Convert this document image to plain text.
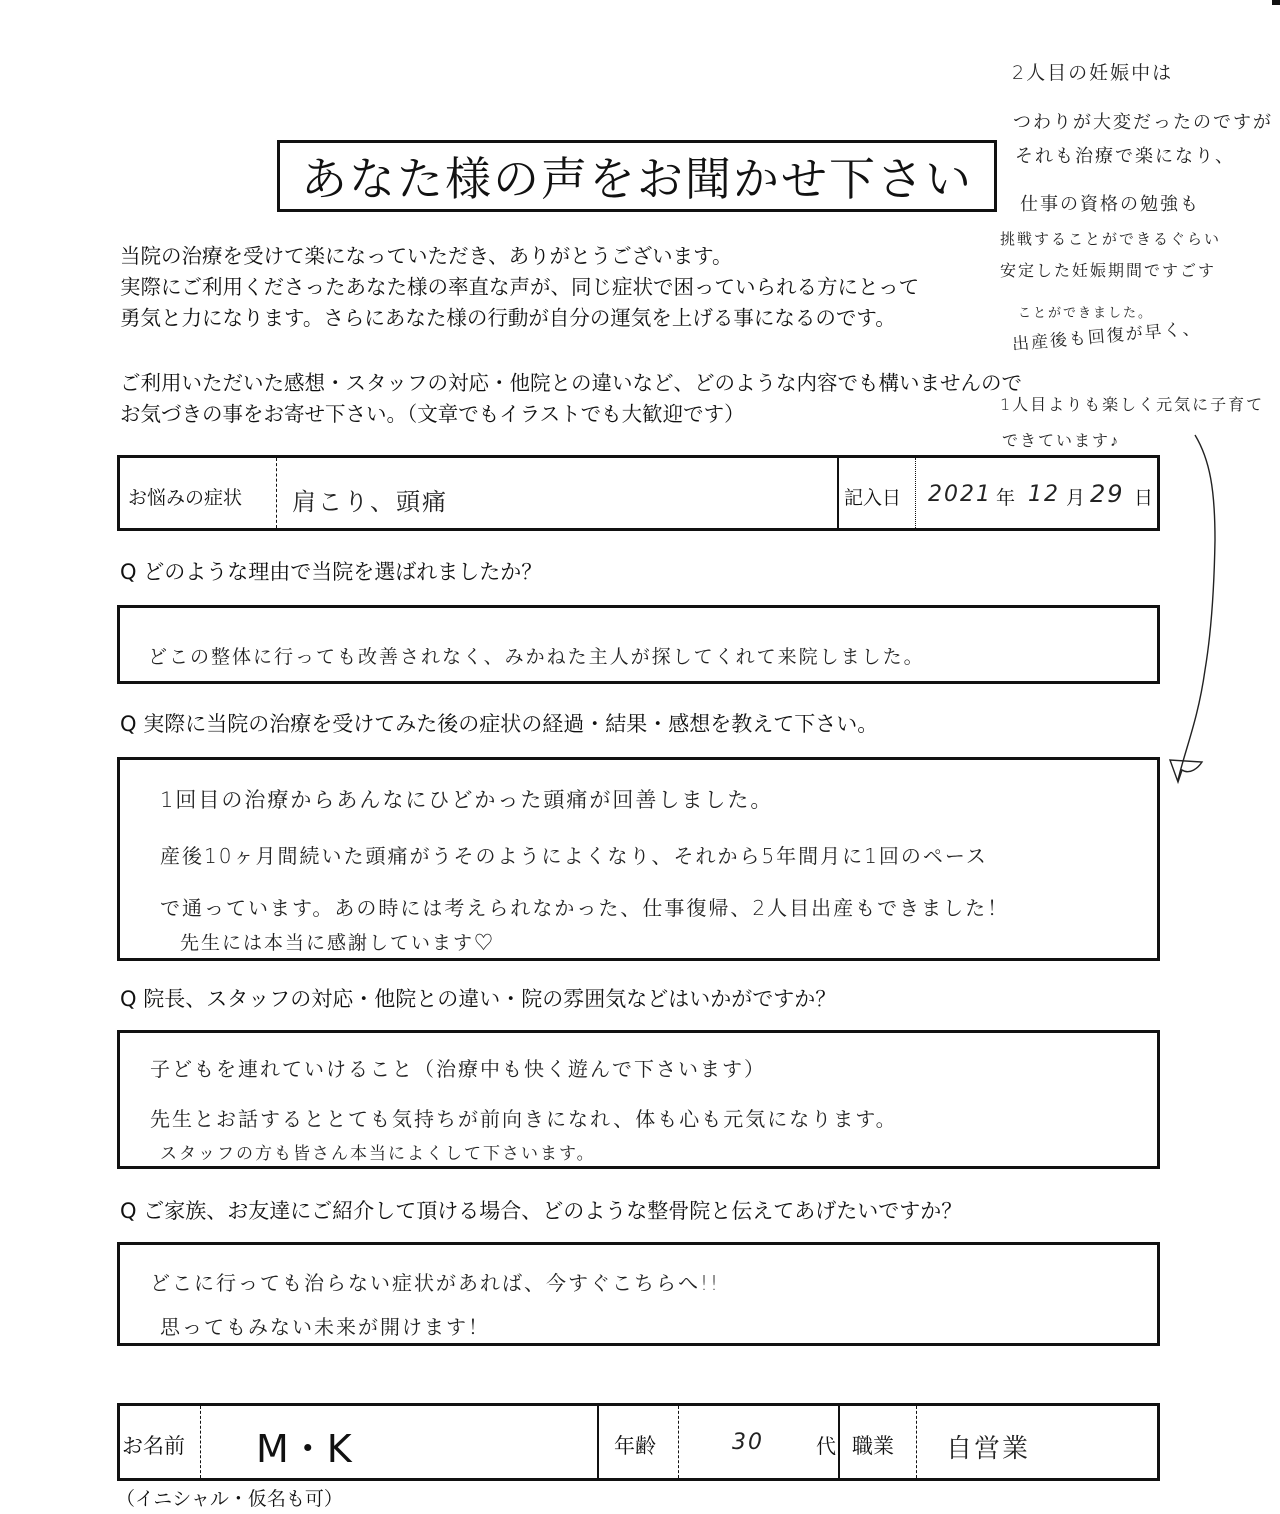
あなた様の声をお聞かせ下さい
当院の治療を受けて楽になっていただき、ありがとうございます。
実際にご利用くださったあなた様の率直な声が、同じ症状で困っていられる方にとって
勇気と力になります。さらにあなた様の行動が自分の運気を上げる事になるのです。
ご利用いただいた感想・スタッフの対応・他院との違いなど、どのような内容でも構いませんので
お気づきの事をお寄せ下さい。（文章でもイラストでも大歓迎です）
2人目の妊娠中は
つわりが大変だったのですが
それも治療で楽になり、
仕事の資格の勉強も
挑戦することができるぐらい
安定した妊娠期間ですごす
ことができました。
出産後も回復が早く、
1人目よりも楽しく元気に子育て
できています♪
お悩みの症状 肩こり、頭痛	記入日 2021 年 12 月 29 日
Q どのような理由で当院を選ばれましたか？
どこの整体に行っても改善されなく、みかねた主人が探してくれて来院しました。
Q 実際に当院の治療を受けてみた後の症状の経過・結果・感想を教えて下さい。
1回目の治療からあんなにひどかった頭痛が回善しました。
産後10ヶ月間続いた頭痛がうそのようによくなり、それから5年間月に1回のペース
で通っています。あの時には考えられなかった、仕事復帰、2人目出産もできました！
先生には本当に感謝しています♡
Q 院長、スタッフの対応・他院との違い・院の雰囲気などはいかがですか？
子どもを連れていけること（治療中も快く遊んで下さいます）
先生とお話するととても気持ちが前向きになれ、体も心も元気になります。
スタッフの方も皆さん本当によくして下さいます。
Q ご家族、お友達にご紹介して頂ける場合、どのような整骨院と伝えてあげたいですか？
どこに行っても治らない症状があれば、今すぐこちらへ!!
思ってもみない未来が開けます！
お名前 M・K	年齢	30	代 職業 自営業
（イニシャル・仮名も可）
